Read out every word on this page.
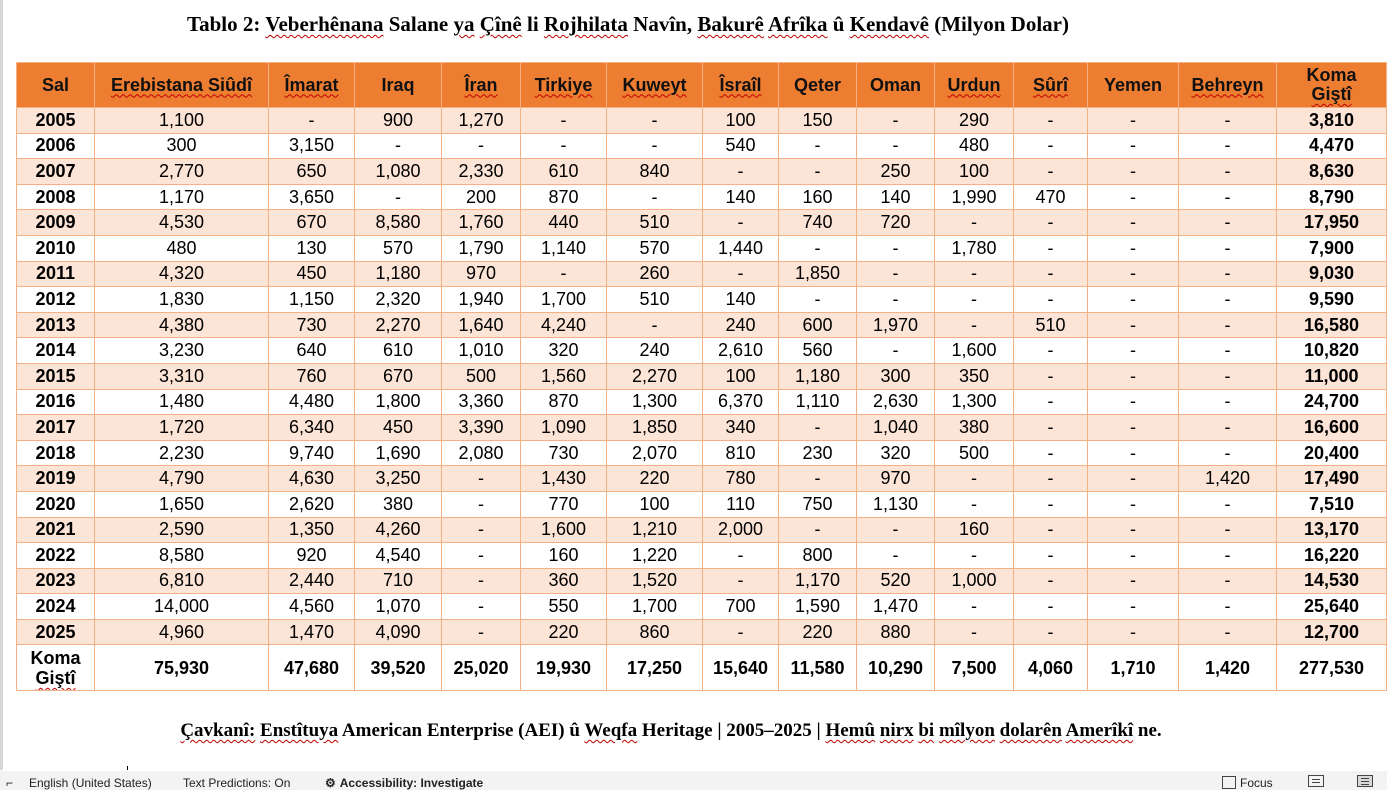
Tablo 2: Veberhênana Salane ya Çînê li Rojhilata Navîn, Bakurê Afrîka û Kendavê (Milyon Dolar)
Sal	Erebistana Siûdî	Îmarat	Iraq	Îran	Tirkiye	Kuweyt	Îsraîl	Qeter	Oman	Urdun	Sûrî	Yemen	Behreyn	Koma
Giştî
2005	1,100	-	900	1,270	-	-	100	150	-	290	-	-	-	3,810
2006	300	3,150	-	-	-	-	540	-	-	480	-	-	-	4,470
2007	2,770	650	1,080	2,330	610	840	-	-	250	100	-	-	-	8,630
2008	1,170	3,650	-	200	870	-	140	160	140	1,990	470	-	-	8,790
2009	4,530	670	8,580	1,760	440	510	-	740	720	-	-	-	-	17,950
2010	480	130	570	1,790	1,140	570	1,440	-	-	1,780	-	-	-	7,900
2011	4,320	450	1,180	970	-	260	-	1,850	-	-	-	-	-	9,030
2012	1,830	1,150	2,320	1,940	1,700	510	140	-	-	-	-	-	-	9,590
2013	4,380	730	2,270	1,640	4,240	-	240	600	1,970	-	510	-	-	16,580
2014	3,230	640	610	1,010	320	240	2,610	560	-	1,600	-	-	-	10,820
2015	3,310	760	670	500	1,560	2,270	100	1,180	300	350	-	-	-	11,000
2016	1,480	4,480	1,800	3,360	870	1,300	6,370	1,110	2,630	1,300	-	-	-	24,700
2017	1,720	6,340	450	3,390	1,090	1,850	340	-	1,040	380	-	-	-	16,600
2018	2,230	9,740	1,690	2,080	730	2,070	810	230	320	500	-	-	-	20,400
2019	4,790	4,630	3,250	-	1,430	220	780	-	970	-	-	-	1,420	17,490
2020	1,650	2,620	380	-	770	100	110	750	1,130	-	-	-	-	7,510
2021	2,590	1,350	4,260	-	1,600	1,210	2,000	-	-	160	-	-	-	13,170
2022	8,580	920	4,540	-	160	1,220	-	800	-	-	-	-	-	16,220
2023	6,810	2,440	710	-	360	1,520	-	1,170	520	1,000	-	-	-	14,530
2024	14,000	4,560	1,070	-	550	1,700	700	1,590	1,470	-	-	-	-	25,640
2025	4,960	1,470	4,090	-	220	860	-	220	880	-	-	-	-	12,700
Koma
Giştî	75,930	47,680	39,520	25,020	19,930	17,250	15,640	11,580	10,290	7,500	4,060	1,710	1,420	277,530
Çavkanî: Enstîtuya American Enterprise (AEI) û Weqfa Heritage | 2005–2025 | Hemû nirx bi mîlyon dolarên Amerîkî ne.
⌐ English (United States)	Text Predictions: On	⚙ Accessibility: Investigate	Focus
